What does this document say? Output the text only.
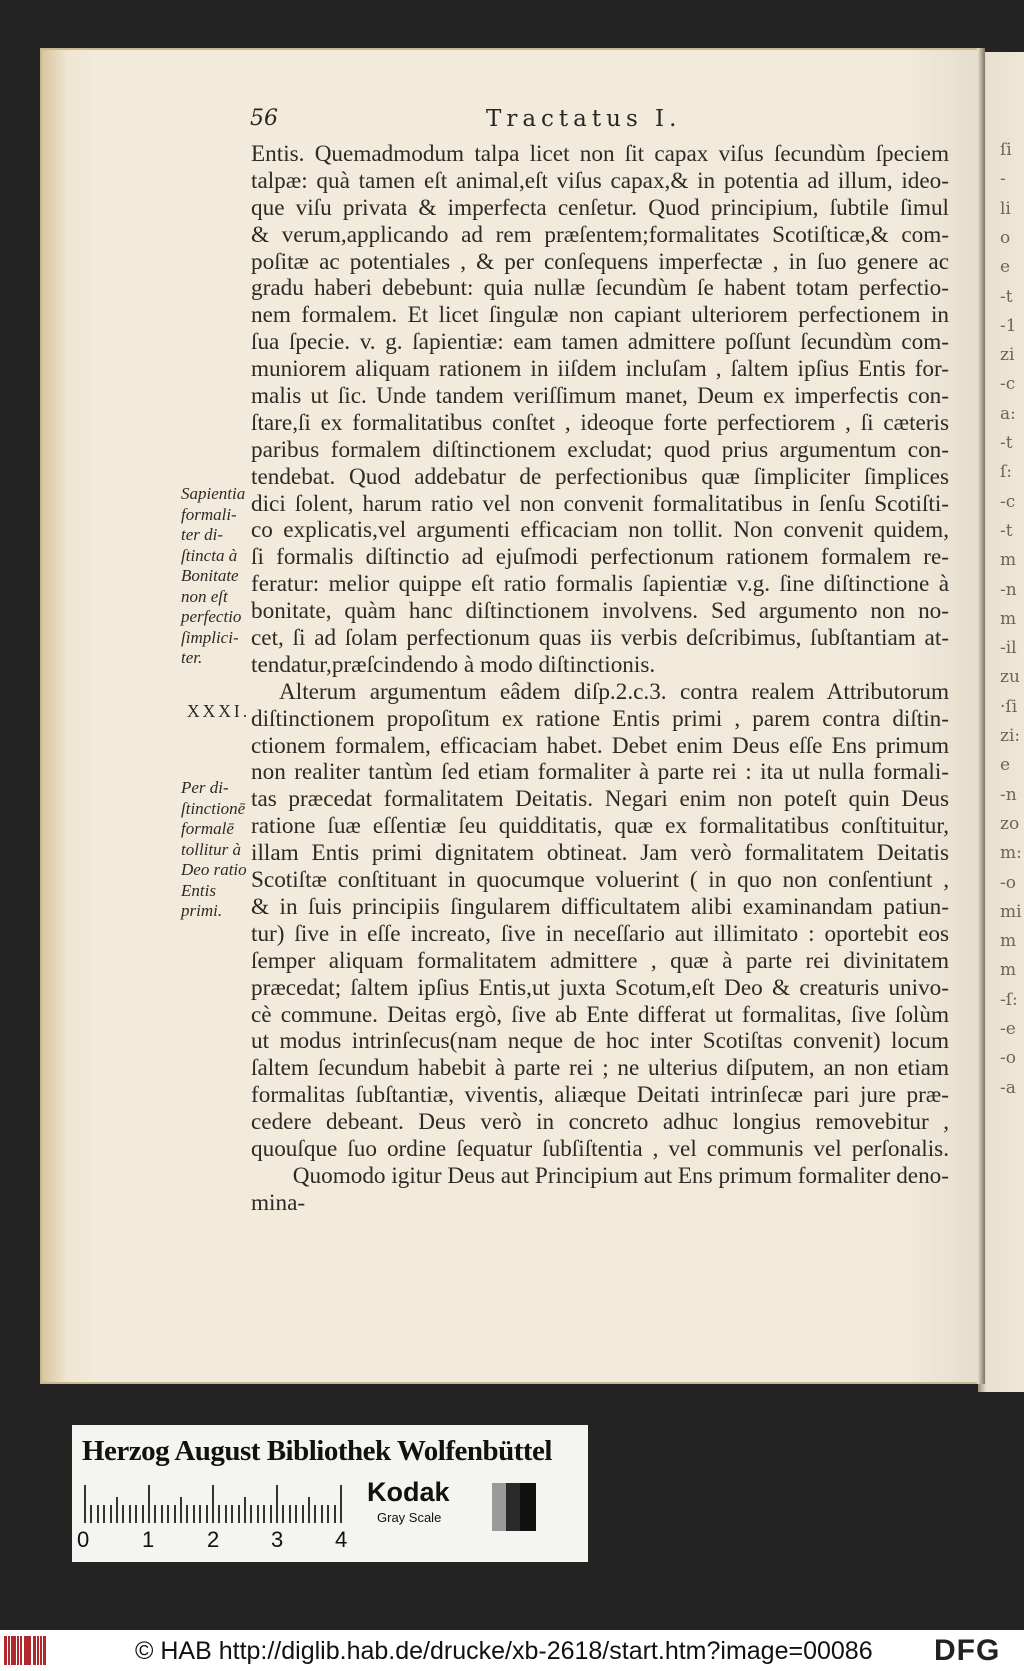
ſi
-
li
o
e
-t
-1
zi
-c
a:
-t
ſ:
-c
-t
m
-n
m
-il
zu
·ſi
zi:
e
-n
zo
m:
-o
mi
m
m
-ſ:
-e
-o
-a
56	Tractatus I.
Entis. Quemadmodum talpa licet non ſit capax viſus ſecundùm ſpeciem
talpæ: quà tamen eſt animal,eſt viſus capax,& in potentia ad illum, ideo-
que viſu privata & imperfecta cenſetur. Quod principium, ſubtile ſimul
& verum,applicando ad rem præſentem;formalitates Scotiſticæ,& com-
poſitæ ac potentiales , & per conſequens imperfectæ , in ſuo genere ac
gradu haberi debebunt: quia nullæ ſecundùm ſe habent totam perfectio-
nem formalem. Et licet ſingulæ non capiant ulteriorem perfectionem in
ſua ſpecie. v. g. ſapientiæ: eam tamen admittere poſſunt ſecundùm com-
muniorem aliquam rationem in iiſdem incluſam , ſaltem ipſius Entis for-
malis ut ſic. Unde tandem veriſſimum manet, Deum ex imperfectis con-
ſtare,ſi ex formalitatibus conſtet , ideoque forte perfectiorem , ſi cæteris
paribus formalem diſtinctionem excludat; quod prius argumentum con-
tendebat. Quod addebatur de perfectionibus quæ ſimpliciter ſimplices
dici ſolent, harum ratio vel non convenit formalitatibus in ſenſu Scotiſti-
co explicatis,vel argumenti efficaciam non tollit. Non convenit quidem,
ſi formalis diſtinctio ad ejuſmodi perfectionum rationem formalem re-
feratur: melior quippe eſt ratio formalis ſapientiæ v.g. ſine diſtinctione à
bonitate, quàm hanc diſtinctionem involvens. Sed argumento non no-
cet, ſi ad ſolam perfectionum quas iis verbis deſcribimus, ſubſtantiam at-
tendatur,præſcindendo à modo diſtinctionis.
Alterum argumentum eâdem diſp.2.c.3. contra realem Attributorum
diſtinctionem propoſitum ex ratione Entis primi , parem contra diſtin-
ctionem formalem, efficaciam habet. Debet enim Deus eſſe Ens primum
non realiter tantùm ſed etiam formaliter à parte rei : ita ut nulla formali-
tas præcedat formalitatem Deitatis. Negari enim non poteſt quin Deus
ratione ſuæ eſſentiæ ſeu quidditatis, quæ ex formalitatibus conſtituitur,
illam Entis primi dignitatem obtineat. Jam verò formalitatem Deitatis
Scotiſtæ conſtituant in quocumque voluerint ( in quo non conſentiunt ,
& in ſuis principiis ſingularem difficultatem alibi examinandam patiun-
tur) ſive in eſſe increato, ſive in neceſſario aut illimitato : oportebit eos
ſemper aliquam formalitatem admittere , quæ à parte rei divinitatem
præcedat; ſaltem ipſius Entis,ut juxta Scotum,eſt Deo & creaturis univo-
cè commune. Deitas ergò, ſive ab Ente differat ut formalitas, ſive ſolùm
ut modus intrinſecus(nam neque de hoc inter Scotiſtas convenit) locum
ſaltem ſecundum habebit à parte rei ; ne ulterius diſputem, an non etiam
formalitas ſubſtantiæ, viventis, aliæque Deitati intrinſecæ pari jure præ-
cedere debeant. Deus verò in concreto adhuc longius removebitur ,
quouſque ſuo ordine ſequatur ſubſiſtentia , vel communis vel perſonalis.
Quomodo igitur Deus aut Principium aut Ens primum formaliter deno-
mina-
Sapientia
formali-
ter di-
ſtincta à
Bonitate
non eſt
perfectio
ſimplici-
ter.
XXXI.
Per di-
ſtinctionē
formalē
tollitur à
Deo ratio
Entis
primi.
Herzog August Bibliothek Wolfenbüttel
0 1 2 3 4
Kodak
Gray Scale
© HAB http://diglib.hab.de/drucke/xb-2618/start.htm?image=00086 DFG
